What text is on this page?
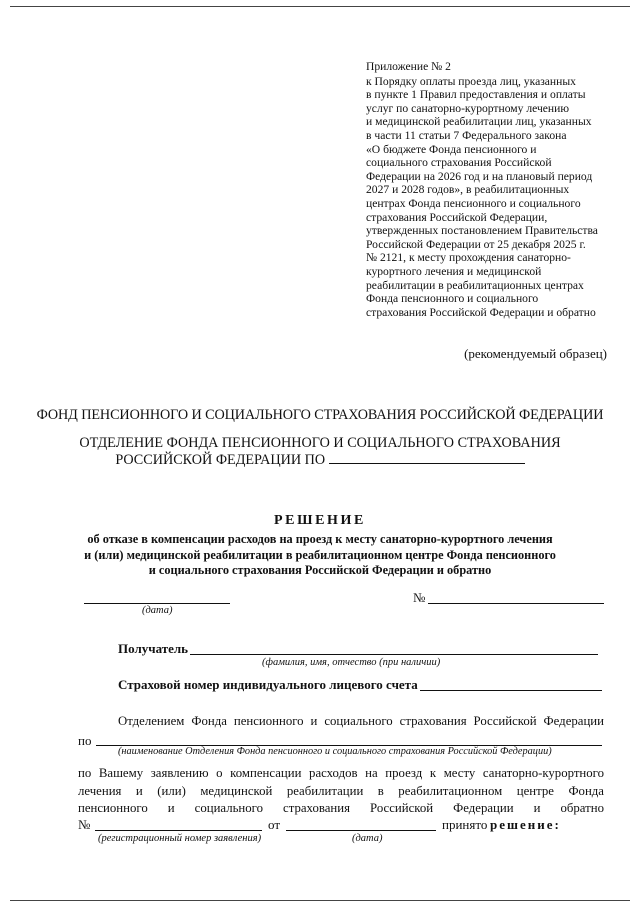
Приложение № 2
к Порядку оплаты проезда лиц, указанных
в пункте 1 Правил предоставления и оплаты
услуг по санаторно-курортному лечению
и медицинской реабилитации лиц, указанных
в части 11 статьи 7 Федерального закона
«О бюджете Фонда пенсионного и
социального страхования Российской
Федерации на 2026 год и на плановый период
2027 и 2028 годов», в реабилитационных
центрах Фонда пенсионного и социального
страхования Российской Федерации,
утвержденных постановлением Правительства
Российской Федерации от 25 декабря 2025 г.
№ 2121, к месту прохождения санаторно-
курортного лечения и медицинской
реабилитации в реабилитационных центрах
Фонда пенсионного и социального
страхования Российской Федерации и обратно
(рекомендуемый образец)
ФОНД ПЕНСИОННОГО И СОЦИАЛЬНОГО СТРАХОВАНИЯ РОССИЙСКОЙ ФЕДЕРАЦИИ
ОТДЕЛЕНИЕ ФОНДА ПЕНСИОННОГО И СОЦИАЛЬНОГО СТРАХОВАНИЯ
РОССИЙСКОЙ ФЕДЕРАЦИИ ПО
РЕШЕНИЕ
об отказе в компенсации расходов на проезд к месту санаторно-курортного лечения
и (или) медицинской реабилитации в реабилитационном центре Фонда пенсионного
и социального страхования Российской Федерации и обратно
(дата)
№
Получатель
(фамилия, имя, отчество (при наличии)
Страховой номер индивидуального лицевого счета
Отделением Фонда пенсионного и социального страхования Российской Федерации
по
(наименование Отделения Фонда пенсионного и социального страхования Российской Федерации)
по Вашему заявлению о компенсации расходов на проезд к месту санаторно-курортного
лечения и (или) медицинской реабилитации в реабилитационном центре Фонда
пенсионного и социального страхования Российской Федерации и обратно
№	от	принято решение:
(регистрационный номер заявления)	(дата)
